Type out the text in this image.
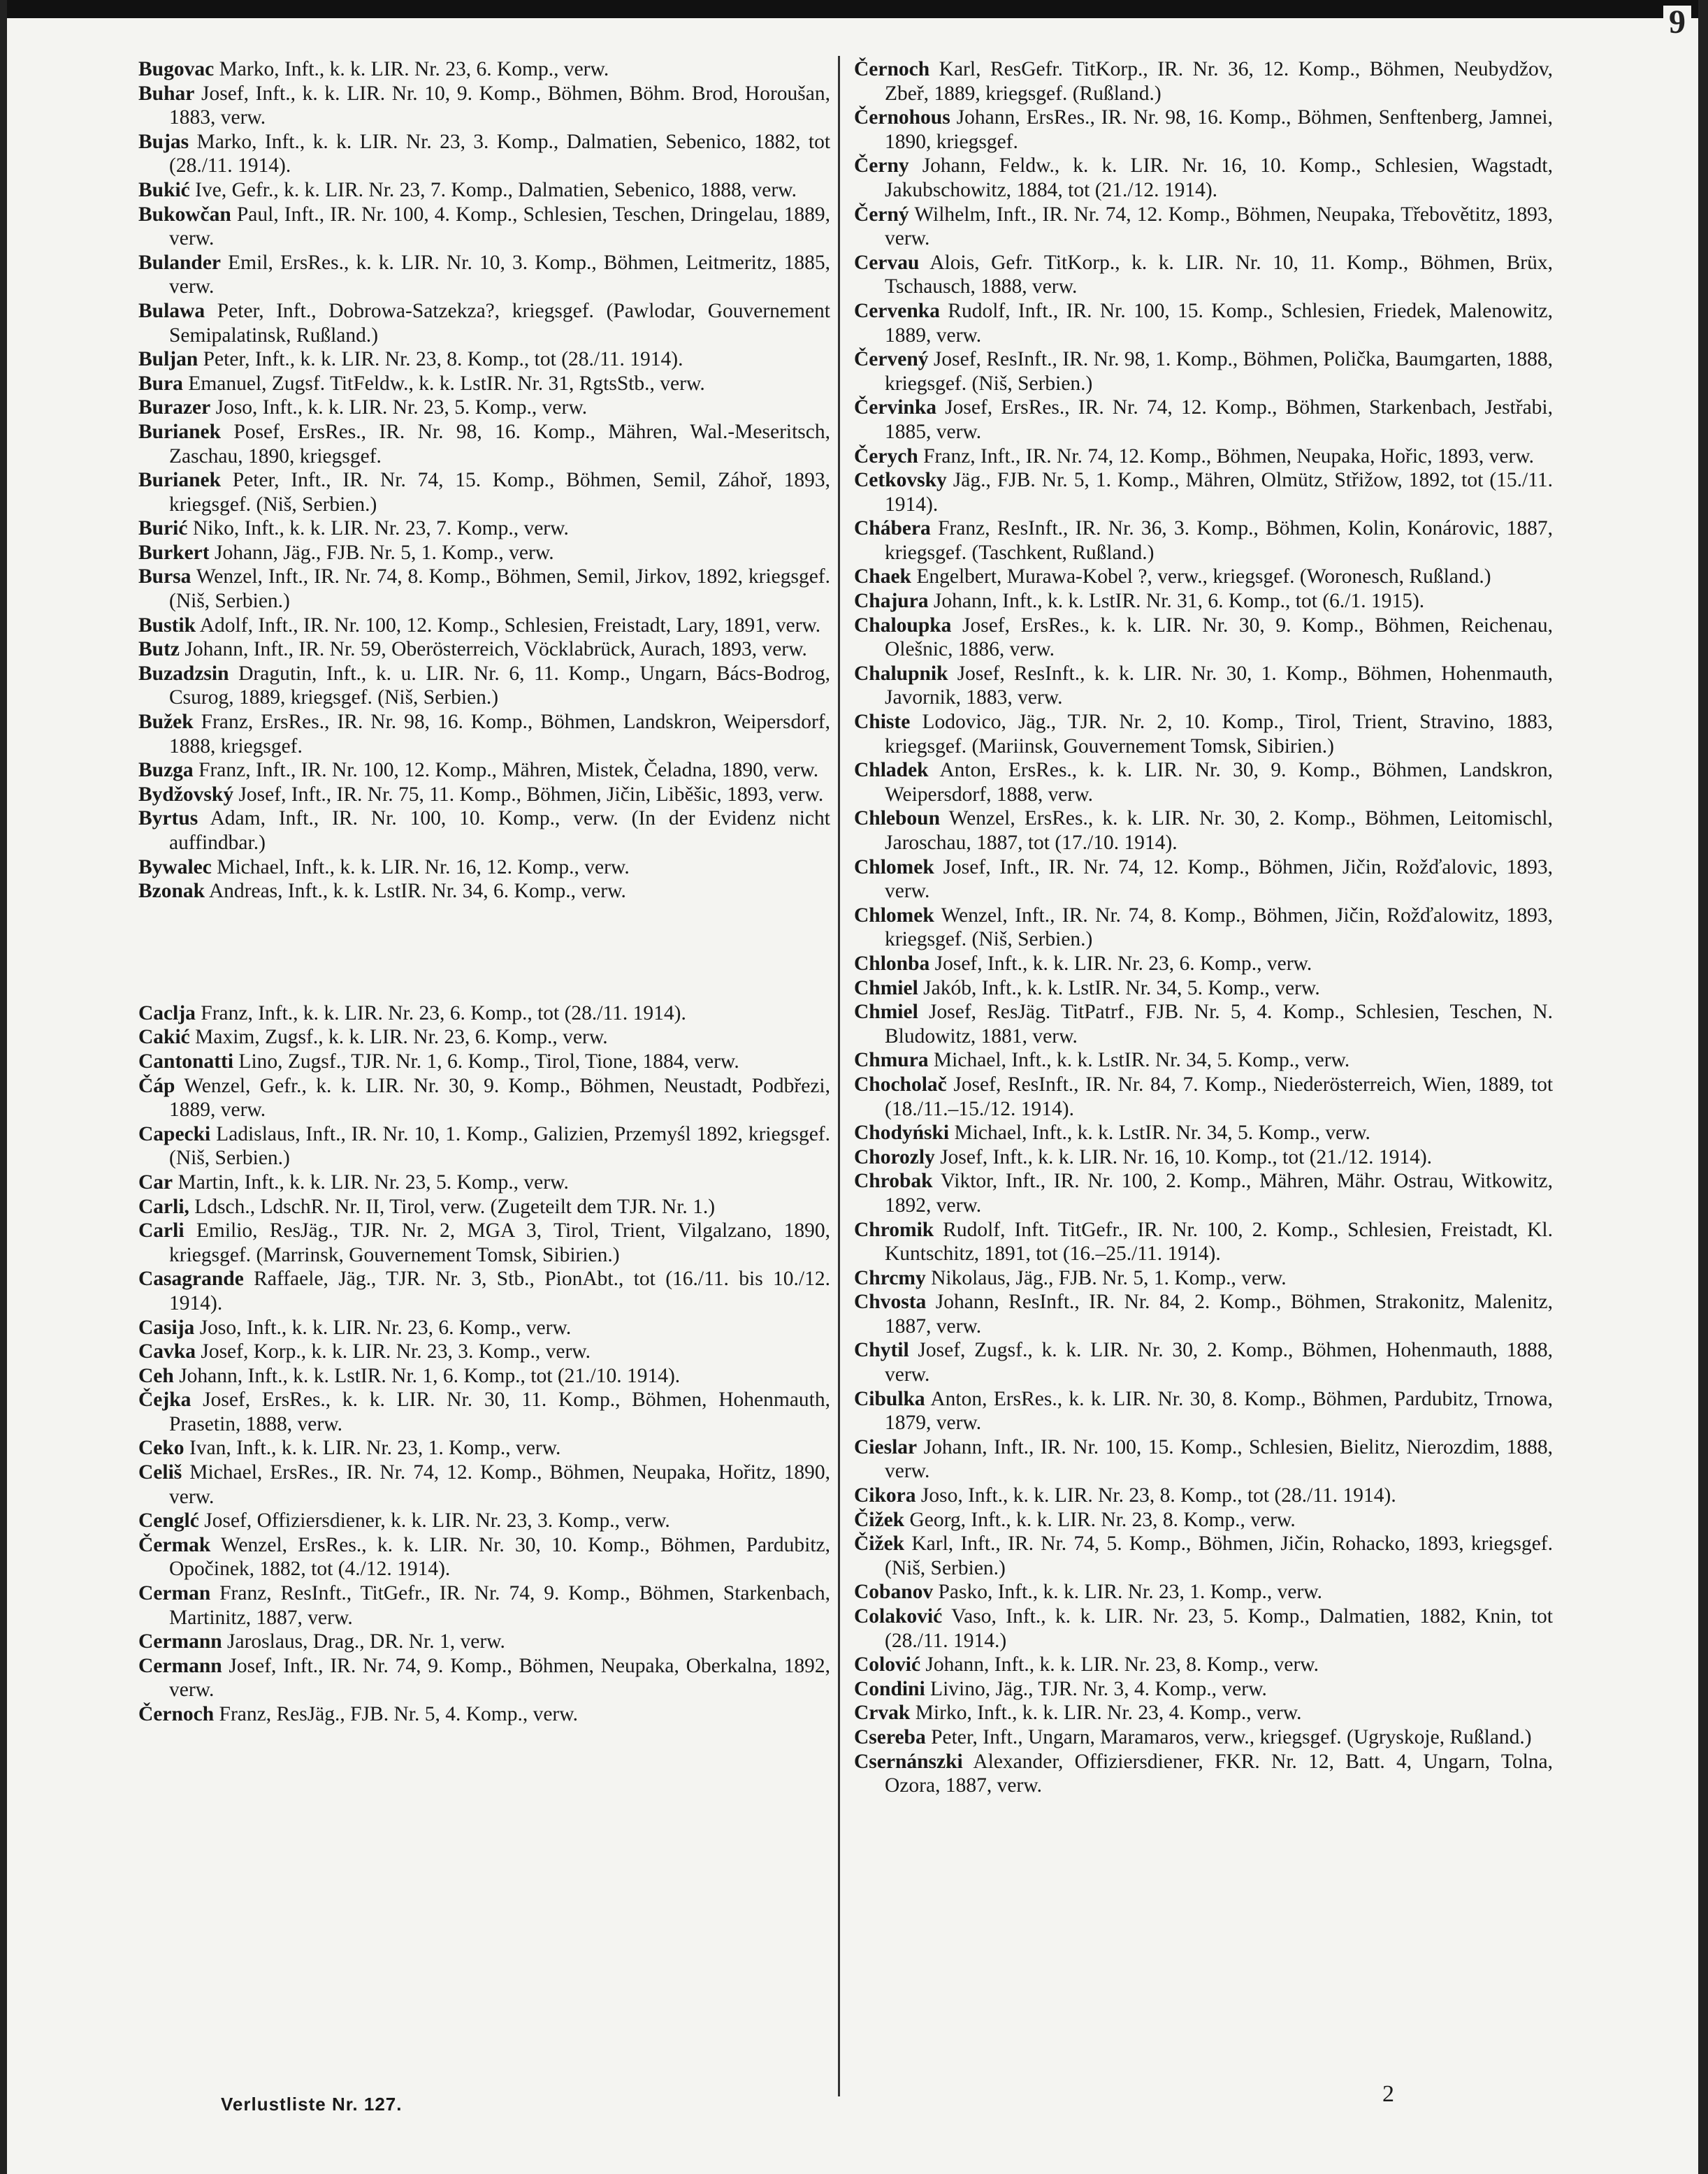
9
Bugovac Marko, Inft., k. k. LIR. Nr. 23, 6. Komp., verw.
Buhar Josef, Inft., k. k. LIR. Nr. 10, 9. Komp., Böhmen, Böhm. Brod, Horoušan, 1883, verw.
Bujas Marko, Inft., k. k. LIR. Nr. 23, 3. Komp., Dalmatien, Sebenico, 1882, tot (28./11. 1914).
Bukić Ive, Gefr., k. k. LIR. Nr. 23, 7. Komp., Dalmatien, Sebenico, 1888, verw.
Bukowčan Paul, Inft., IR. Nr. 100, 4. Komp., Schlesien, Teschen, Dringelau, 1889, verw.
Bulander Emil, ErsRes., k. k. LIR. Nr. 10, 3. Komp., Böhmen, Leitmeritz, 1885, verw.
Bulawa Peter, Inft., Dobrowa-Satzekza?, kriegsgef. (Pawlodar, Gouvernement Semipalatinsk, Rußland.)
Buljan Peter, Inft., k. k. LIR. Nr. 23, 8. Komp., tot (28./11. 1914).
Bura Emanuel, Zugsf. TitFeldw., k. k. LstIR. Nr. 31, RgtsStb., verw.
Burazer Joso, Inft., k. k. LIR. Nr. 23, 5. Komp., verw.
Burianek Posef, ErsRes., IR. Nr. 98, 16. Komp., Mähren, Wal.-Meseritsch, Zaschau, 1890, kriegsgef.
Burianek Peter, Inft., IR. Nr. 74, 15. Komp., Böhmen, Semil, Záhoř, 1893, kriegsgef. (Niš, Serbien.)
Burić Niko, Inft., k. k. LIR. Nr. 23, 7. Komp., verw.
Burkert Johann, Jäg., FJB. Nr. 5, 1. Komp., verw.
Bursa Wenzel, Inft., IR. Nr. 74, 8. Komp., Böhmen, Semil, Jirkov, 1892, kriegsgef. (Niš, Serbien.)
Bustik Adolf, Inft., IR. Nr. 100, 12. Komp., Schlesien, Freistadt, Lary, 1891, verw.
Butz Johann, Inft., IR. Nr. 59, Oberösterreich, Vöcklabrück, Aurach, 1893, verw.
Buzadzsin Dragutin, Inft., k. u. LIR. Nr. 6, 11. Komp., Ungarn, Bács-Bodrog, Csurog, 1889, kriegsgef. (Niš, Serbien.)
Bužek Franz, ErsRes., IR. Nr. 98, 16. Komp., Böhmen, Landskron, Weipersdorf, 1888, kriegsgef.
Buzga Franz, Inft., IR. Nr. 100, 12. Komp., Mähren, Mistek, Čeladna, 1890, verw.
Bydžovský Josef, Inft., IR. Nr. 75, 11. Komp., Böhmen, Jičin, Liběšic, 1893, verw.
Byrtus Adam, Inft., IR. Nr. 100, 10. Komp., verw. (In der Evidenz nicht auffindbar.)
Bywalec Michael, Inft., k. k. LIR. Nr. 16, 12. Komp., verw.
Bzonak Andreas, Inft., k. k. LstIR. Nr. 34, 6. Komp., verw.
Caclja Franz, Inft., k. k. LIR. Nr. 23, 6. Komp., tot (28./11. 1914).
Cakić Maxim, Zugsf., k. k. LIR. Nr. 23, 6. Komp., verw.
Cantonatti Lino, Zugsf., TJR. Nr. 1, 6. Komp., Tirol, Tione, 1884, verw.
Čáp Wenzel, Gefr., k. k. LIR. Nr. 30, 9. Komp., Böhmen, Neustadt, Podbřezi, 1889, verw.
Capecki Ladislaus, Inft., IR. Nr. 10, 1. Komp., Galizien, Przemyśl 1892, kriegsgef. (Niš, Serbien.)
Car Martin, Inft., k. k. LIR. Nr. 23, 5. Komp., verw.
Carli, Ldsch., LdschR. Nr. II, Tirol, verw. (Zugeteilt dem TJR. Nr. 1.)
Carli Emilio, ResJäg., TJR. Nr. 2, MGA 3, Tirol, Trient, Vilgalzano, 1890, kriegsgef. (Marrinsk, Gouvernement Tomsk, Sibirien.)
Casagrande Raffaele, Jäg., TJR. Nr. 3, Stb., PionAbt., tot (16./11. bis 10./12. 1914).
Casija Joso, Inft., k. k. LIR. Nr. 23, 6. Komp., verw.
Cavka Josef, Korp., k. k. LIR. Nr. 23, 3. Komp., verw.
Ceh Johann, Inft., k. k. LstIR. Nr. 1, 6. Komp., tot (21./10. 1914).
Čejka Josef, ErsRes., k. k. LIR. Nr. 30, 11. Komp., Böhmen, Hohenmauth, Prasetin, 1888, verw.
Ceko Ivan, Inft., k. k. LIR. Nr. 23, 1. Komp., verw.
Celiš Michael, ErsRes., IR. Nr. 74, 12. Komp., Böhmen, Neupaka, Hořitz, 1890, verw.
Cenglć Josef, Offiziersdiener, k. k. LIR. Nr. 23, 3. Komp., verw.
Čermak Wenzel, ErsRes., k. k. LIR. Nr. 30, 10. Komp., Böhmen, Pardubitz, Opočinek, 1882, tot (4./12. 1914).
Cerman Franz, ResInft., TitGefr., IR. Nr. 74, 9. Komp., Böhmen, Starkenbach, Martinitz, 1887, verw.
Cermann Jaroslaus, Drag., DR. Nr. 1, verw.
Cermann Josef, Inft., IR. Nr. 74, 9. Komp., Böhmen, Neupaka, Oberkalna, 1892, verw.
Černoch Franz, ResJäg., FJB. Nr. 5, 4. Komp., verw.
Černoch Karl, ResGefr. TitKorp., IR. Nr. 36, 12. Komp., Böhmen, Neubydžov, Zbeř, 1889, kriegsgef. (Rußland.)
Černohous Johann, ErsRes., IR. Nr. 98, 16. Komp., Böhmen, Senftenberg, Jamnei, 1890, kriegsgef.
Černy Johann, Feldw., k. k. LIR. Nr. 16, 10. Komp., Schlesien, Wagstadt, Jakubschowitz, 1884, tot (21./12. 1914).
Černý Wilhelm, Inft., IR. Nr. 74, 12. Komp., Böhmen, Neupaka, Třebovětitz, 1893, verw.
Cervau Alois, Gefr. TitKorp., k. k. LIR. Nr. 10, 11. Komp., Böhmen, Brüx, Tschausch, 1888, verw.
Cervenka Rudolf, Inft., IR. Nr. 100, 15. Komp., Schlesien, Friedek, Malenowitz, 1889, verw.
Červený Josef, ResInft., IR. Nr. 98, 1. Komp., Böhmen, Polička, Baumgarten, 1888, kriegsgef. (Niš, Serbien.)
Červinka Josef, ErsRes., IR. Nr. 74, 12. Komp., Böhmen, Starkenbach, Jestřabi, 1885, verw.
Čerych Franz, Inft., IR. Nr. 74, 12. Komp., Böhmen, Neupaka, Hořic, 1893, verw.
Cetkovsky Jäg., FJB. Nr. 5, 1. Komp., Mähren, Olmütz, Střižow, 1892, tot (15./11. 1914).
Chábera Franz, ResInft., IR. Nr. 36, 3. Komp., Böhmen, Kolin, Konárovic, 1887, kriegsgef. (Taschkent, Rußland.)
Chaek Engelbert, Murawa-Kobel ?, verw., kriegsgef. (Woronesch, Rußland.)
Chajura Johann, Inft., k. k. LstIR. Nr. 31, 6. Komp., tot (6./1. 1915).
Chaloupka Josef, ErsRes., k. k. LIR. Nr. 30, 9. Komp., Böhmen, Reichenau, Olešnic, 1886, verw.
Chalupnik Josef, ResInft., k. k. LIR. Nr. 30, 1. Komp., Böhmen, Hohenmauth, Javornik, 1883, verw.
Chiste Lodovico, Jäg., TJR. Nr. 2, 10. Komp., Tirol, Trient, Stravino, 1883, kriegsgef. (Mariinsk, Gouvernement Tomsk, Sibirien.)
Chladek Anton, ErsRes., k. k. LIR. Nr. 30, 9. Komp., Böhmen, Landskron, Weipersdorf, 1888, verw.
Chlebоun Wenzel, ErsRes., k. k. LIR. Nr. 30, 2. Komp., Böhmen, Leitomischl, Jaroschau, 1887, tot (17./10. 1914).
Chlomek Josef, Inft., IR. Nr. 74, 12. Komp., Böhmen, Jičin, Rožďalovic, 1893, verw.
Chlomek Wenzel, Inft., IR. Nr. 74, 8. Komp., Böhmen, Jičin, Rožďalowitz, 1893, kriegsgef. (Niš, Serbien.)
Chlonba Josef, Inft., k. k. LIR. Nr. 23, 6. Komp., verw.
Chmiel Jakób, Inft., k. k. LstIR. Nr. 34, 5. Komp., verw.
Chmiel Josef, ResJäg. TitPatrf., FJB. Nr. 5, 4. Komp., Schlesien, Teschen, N. Bludowitz, 1881, verw.
Chmura Michael, Inft., k. k. LstIR. Nr. 34, 5. Komp., verw.
Chocholač Josef, ResInft., IR. Nr. 84, 7. Komp., Niederösterreich, Wien, 1889, tot (18./11.–15./12. 1914).
Chodyński Michael, Inft., k. k. LstIR. Nr. 34, 5. Komp., verw.
Chorozly Josef, Inft., k. k. LIR. Nr. 16, 10. Komp., tot (21./12. 1914).
Chrobak Viktor, Inft., IR. Nr. 100, 2. Komp., Mähren, Mähr. Ostrau, Witkowitz, 1892, verw.
Chromik Rudolf, Inft. TitGefr., IR. Nr. 100, 2. Komp., Schlesien, Freistadt, Kl. Kuntschitz, 1891, tot (16.–25./11. 1914).
Chrcmy Nikolaus, Jäg., FJB. Nr. 5, 1. Komp., verw.
Chvosta Johann, ResInft., IR. Nr. 84, 2. Komp., Böhmen, Strakonitz, Malenitz, 1887, verw.
Chytil Josef, Zugsf., k. k. LIR. Nr. 30, 2. Komp., Böhmen, Hohenmauth, 1888, verw.
Cibulka Anton, ErsRes., k. k. LIR. Nr. 30, 8. Komp., Böhmen, Pardubitz, Trnowa, 1879, verw.
Cieslar Johann, Inft., IR. Nr. 100, 15. Komp., Schlesien, Bielitz, Nierozdim, 1888, verw.
Cikora Joso, Inft., k. k. LIR. Nr. 23, 8. Komp., tot (28./11. 1914).
Čižek Georg, Inft., k. k. LIR. Nr. 23, 8. Komp., verw.
Čižek Karl, Inft., IR. Nr. 74, 5. Komp., Böhmen, Jičin, Rohacko, 1893, kriegsgef. (Niš, Serbien.)
Cobanov Pasko, Inft., k. k. LIR. Nr. 23, 1. Komp., verw.
Colaković Vaso, Inft., k. k. LIR. Nr. 23, 5. Komp., Dalmatien, 1882, Knin, tot (28./11. 1914.)
Colović Johann, Inft., k. k. LIR. Nr. 23, 8. Komp., verw.
Condini Livino, Jäg., TJR. Nr. 3, 4. Komp., verw.
Crvak Mirko, Inft., k. k. LIR. Nr. 23, 4. Komp., verw.
Csereba Peter, Inft., Ungarn, Maramaros, verw., kriegsgef. (Ugryskoje, Rußland.)
Csernánszki Alexander, Offiziersdiener, FKR. Nr. 12, Batt. 4, Ungarn, Tolna, Ozora, 1887, verw.
Verlustliste Nr. 127.	2
